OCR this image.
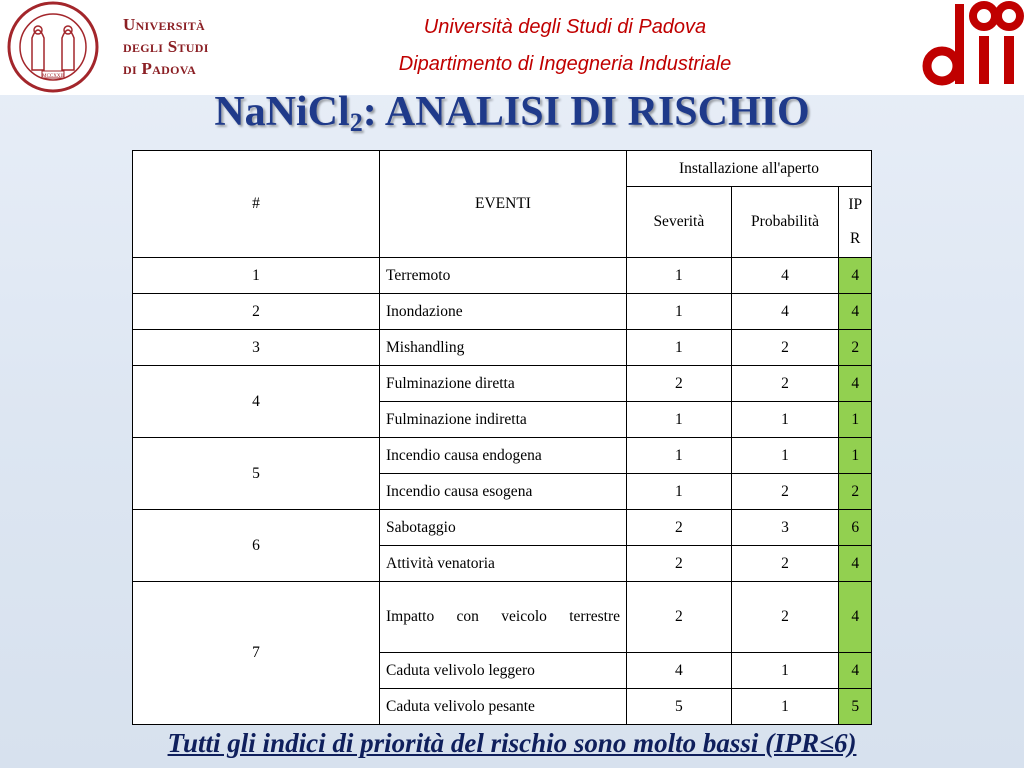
MCCXXII
Università
degli Studi
di Padova
Università degli Studi di Padova
Dipartimento di Ingegneria Industriale
NaNiCl$_2$: ANALISI DI RISCHIO
#	EVENTI	Installazione all'aperto		
		Severità	Probabilità	IP
R

1	Terremoto	1	4	4
2	Inondazione	1	4	4
3	Mishandling	1	2	2
4	Fulminazione diretta	2	2	4
	Fulminazione indiretta	1	1	1
5	Incendio causa endogena	1	1	1
	Incendio causa esogena	1	2	2
6	Sabotaggio	2	3	6
	Attività venatoria	2	2	4
7	Impatto con veicolo terrestre	2	2	4
	Caduta velivolo leggero	4	1	4
	Caduta velivolo pesante	5	1	5
Tutti gli indici di priorità del rischio sono molto bassi (IPR≤6)
